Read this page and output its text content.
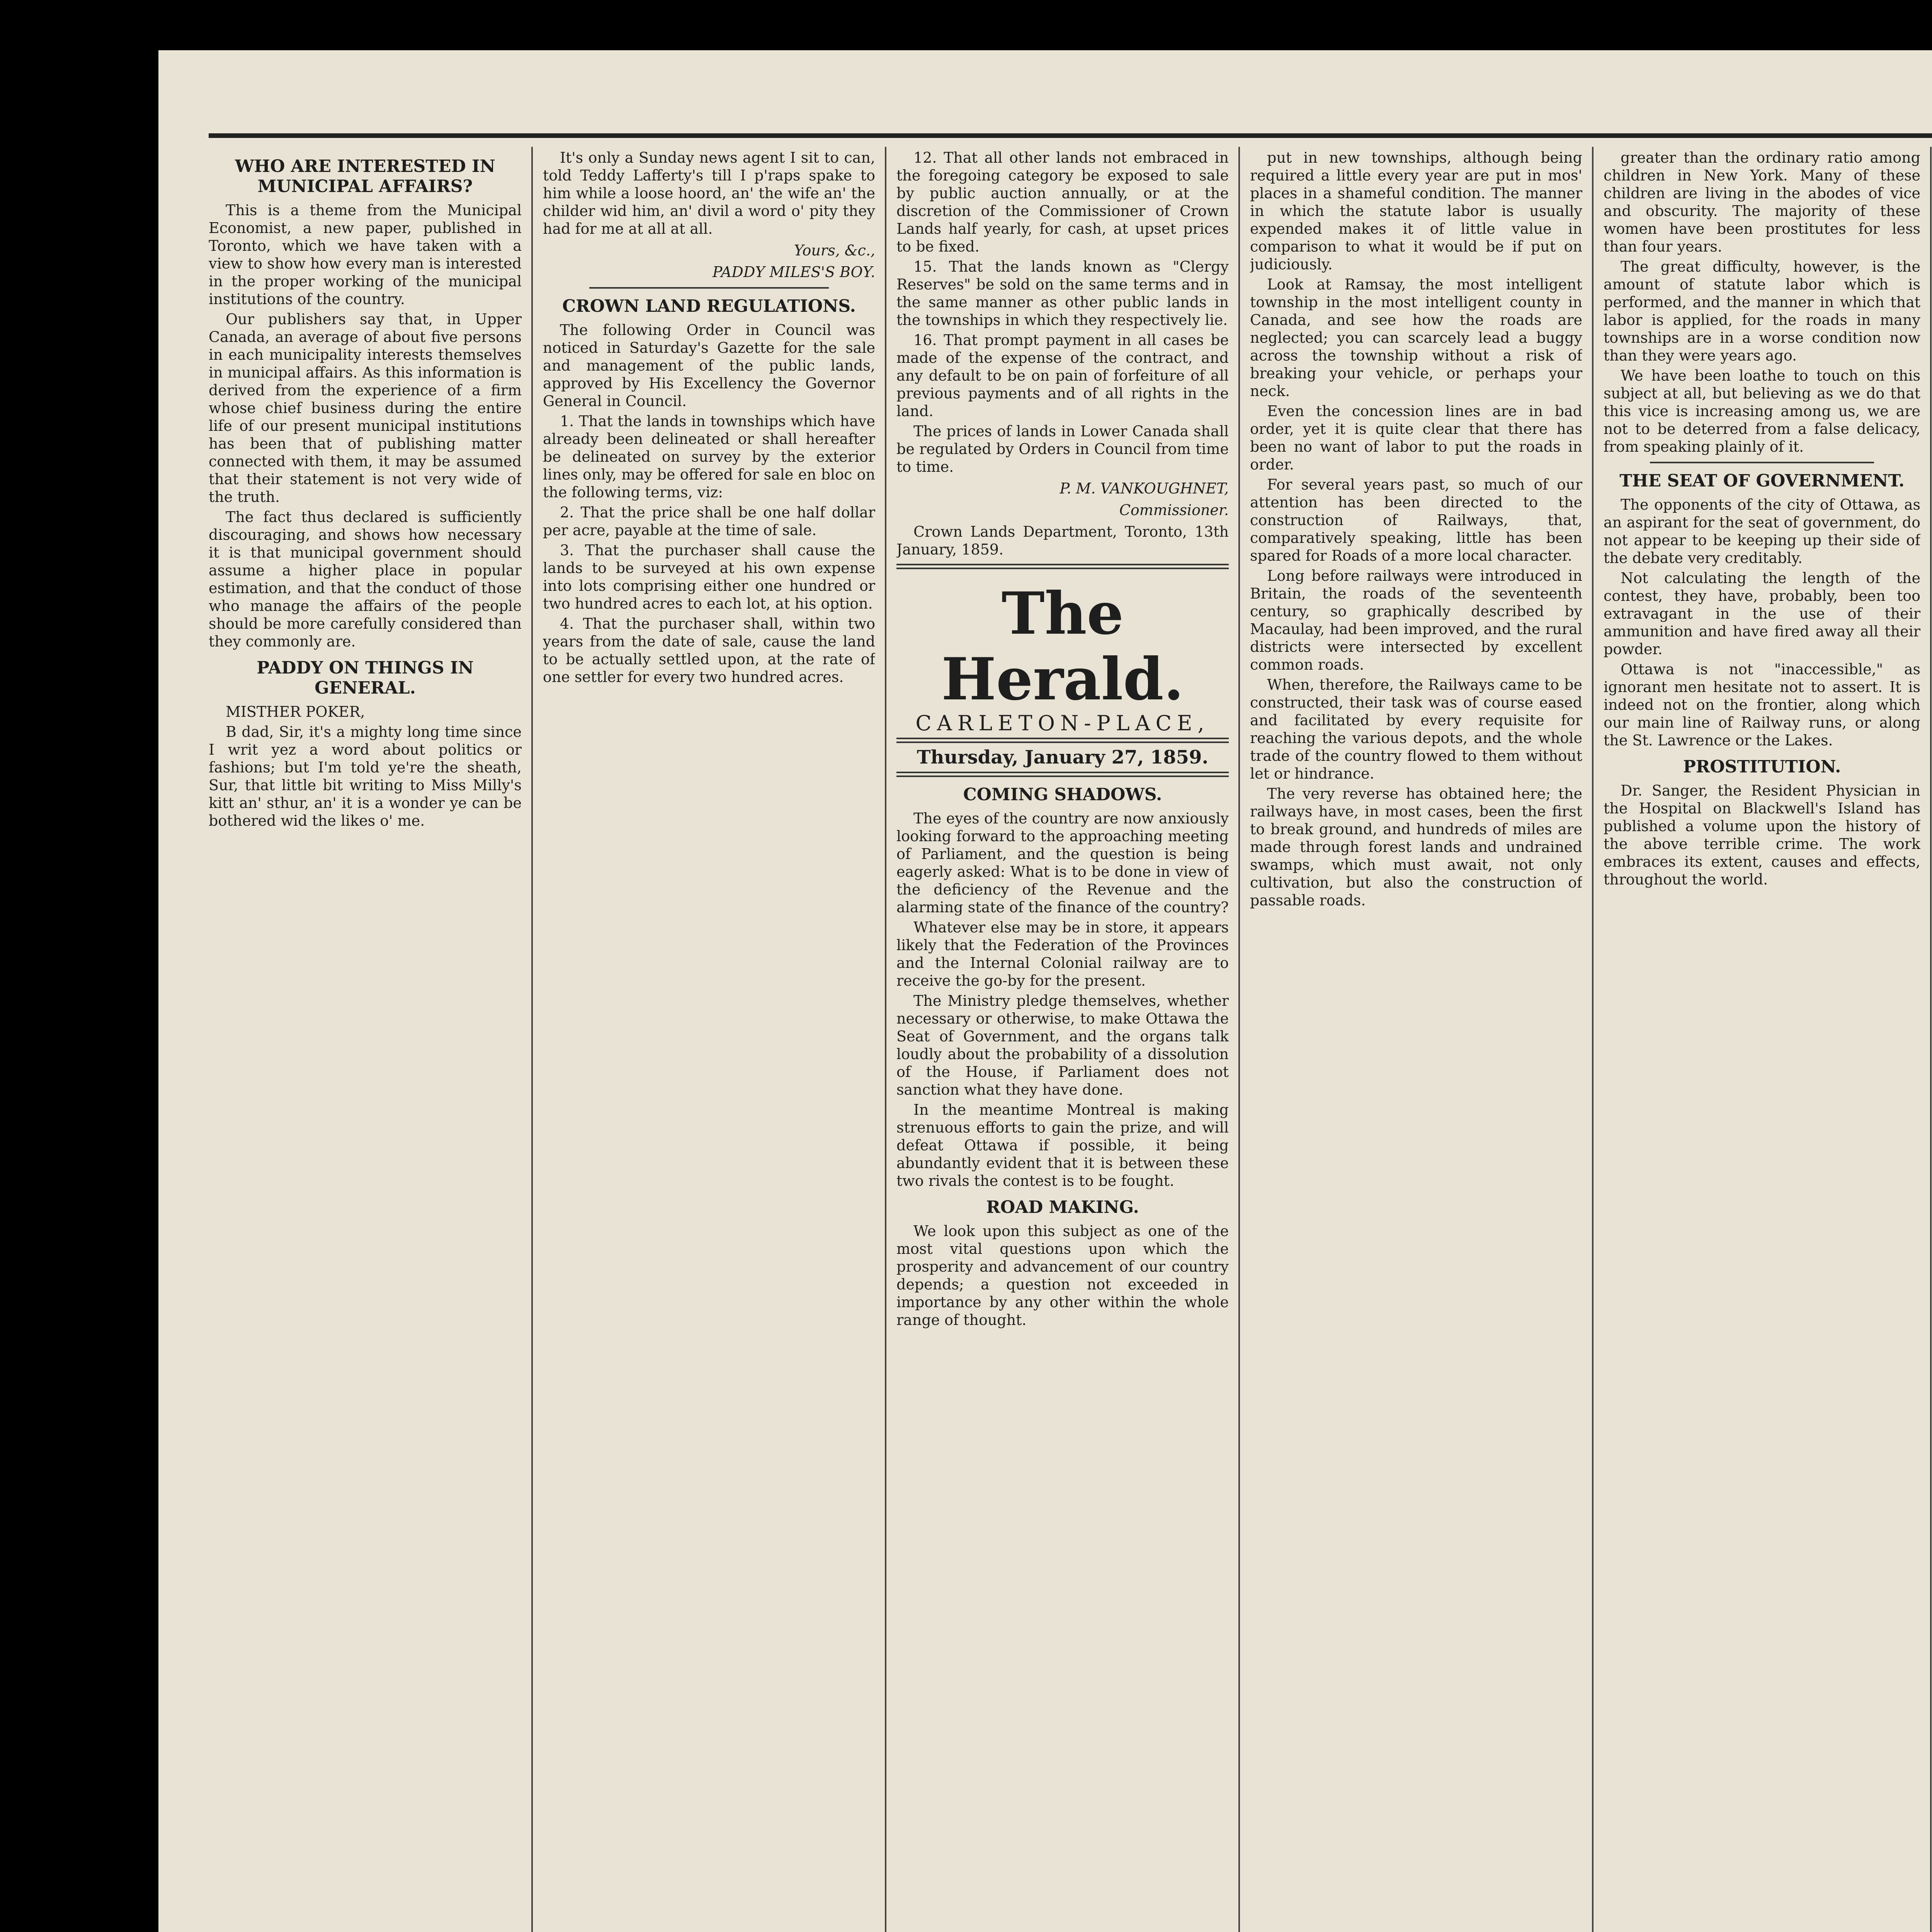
WHO ARE INTERESTED IN MUNICIPAL AFFAIRS?

This is a theme from the Municipal Economist, a new paper, published in Toronto, which we have taken with a view to show how every man is interested in the proper working of the municipal institutions of the country.

Our publishers say that, in Upper Canada, an average of about five persons in each municipality interests themselves in municipal affairs. As this information is derived from the experience of a firm whose chief business during the entire life of our present municipal institutions has been that of publishing matter connected with them, it may be assumed that their statement is not very wide of the truth.

The fact thus declared is sufficiently discouraging, and shows how necessary it is that municipal government should assume a higher place in popular estimation, and that the conduct of those who manage the affairs of the people should be more carefully considered than they commonly are.

PADDY ON THINGS IN GENERAL.

MISTHER POKER,

B dad, Sir, it's a mighty long time since I writ yez a word about politics or fashions; but I'm told ye're the sheath, Sur, that little bit writing to Miss Milly's kitt an' sthur, an' it is a wonder ye can be bothered wid the likes o' me.

It's only a Sunday news agent I sit to can, told Teddy Lafferty's till I p'raps spake to him while a loose hoord, an' the wife an' the childer wid him, an' divil a word o' pity they had for me at all at all.

Yours, &c.,
PADDY MILES'S BOY.
CROWN LAND REGULATIONS.

The following Order in Council was noticed in Saturday's Gazette for the sale and management of the public lands, approved by His Excellency the Governor General in Council.

1. That the lands in townships which have already been delineated or shall hereafter be delineated on survey by the exterior lines only, may be offered for sale en bloc on the following terms, viz:

2. That the price shall be one half dollar per acre, payable at the time of sale.

3. That the purchaser shall cause the lands to be surveyed at his own expense into lots comprising either one hundred or two hundred acres to each lot, at his option.

4. That the purchaser shall, within two years from the date of sale, cause the land to be actually settled upon, at the rate of one settler for every two hundred acres.

12. That all other lands not embraced in the foregoing category be exposed to sale by public auction annually, or at the discretion of the Commissioner of Crown Lands half yearly, for cash, at upset prices to be fixed.

15. That the lands known as "Clergy Reserves" be sold on the same terms and in the same manner as other public lands in the townships in which they respectively lie.

16. That prompt payment in all cases be made of the expense of the contract, and any default to be on pain of forfeiture of all previous payments and of all rights in the land.

The prices of lands in Lower Canada shall be regulated by Orders in Council from time to time.

P. M. VANKOUGHNET,
Commissioner.

Crown Lands Department, Toronto, 13th January, 1859.

The Herald.
CARLETON-PLACE,
Thursday, January 27, 1859.
COMING SHADOWS.

The eyes of the country are now anxiously looking forward to the approaching meeting of Parliament, and the question is being eagerly asked: What is to be done in view of the deficiency of the Revenue and the alarming state of the finance of the country?

Whatever else may be in store, it appears likely that the Federation of the Provinces and the Internal Colonial railway are to receive the go-by for the present.

The Ministry pledge themselves, whether necessary or otherwise, to make Ottawa the Seat of Government, and the organs talk loudly about the probability of a dissolution of the House, if Parliament does not sanction what they have done.

In the meantime Montreal is making strenuous efforts to gain the prize, and will defeat Ottawa if possible, it being abundantly evident that it is between these two rivals the contest is to be fought.

ROAD MAKING.

We look upon this subject as one of the most vital questions upon which the prosperity and advancement of our country depends; a question not exceeded in importance by any other within the whole range of thought.

put in new townships, although being required a little every year are put in mos' places in a shameful condition. The manner in which the statute labor is usually expended makes it of little value in comparison to what it would be if put on judiciously.

Look at Ramsay, the most intelligent township in the most intelligent county in Canada, and see how the roads are neglected; you can scarcely lead a buggy across the township without a risk of breaking your vehicle, or perhaps your neck.

Even the concession lines are in bad order, yet it is quite clear that there has been no want of labor to put the roads in order.

For several years past, so much of our attention has been directed to the construction of Railways, that, comparatively speaking, little has been spared for Roads of a more local character.

Long before railways were introduced in Britain, the roads of the seventeenth century, so graphically described by Macaulay, had been improved, and the rural districts were intersected by excellent common roads.

When, therefore, the Railways came to be constructed, their task was of course eased and facilitated by every requisite for reaching the various depots, and the whole trade of the country flowed to them without let or hindrance.

The very reverse has obtained here; the railways have, in most cases, been the first to break ground, and hundreds of miles are made through forest lands and undrained swamps, which must await, not only cultivation, but also the construction of passable roads.

greater than the ordinary ratio among children in New York. Many of these children are living in the abodes of vice and obscurity. The majority of these women have been prostitutes for less than four years.

The great difficulty, however, is the amount of statute labor which is performed, and the manner in which that labor is applied, for the roads in many townships are in a worse condition now than they were years ago.

We have been loathe to touch on this subject at all, but believing as we do that this vice is increasing among us, we are not to be deterred from a false delicacy, from speaking plainly of it.

THE SEAT OF GOVERNMENT.

The opponents of the city of Ottawa, as an aspirant for the seat of government, do not appear to be keeping up their side of the debate very creditably.

Not calculating the length of the contest, they have, probably, been too extravagant in the use of their ammunition and have fired away all their powder.

Ottawa is not "inaccessible," as ignorant men hesitate not to assert. It is indeed not on the frontier, along which our main line of Railway runs, or along the St. Lawrence or the Lakes.

PROSTITUTION.

Dr. Sanger, the Resident Physician in the Hospital on Blackwell's Island has published a volume upon the history of the above terrible crime. The work embraces its extent, causes and effects, throughout the world.
